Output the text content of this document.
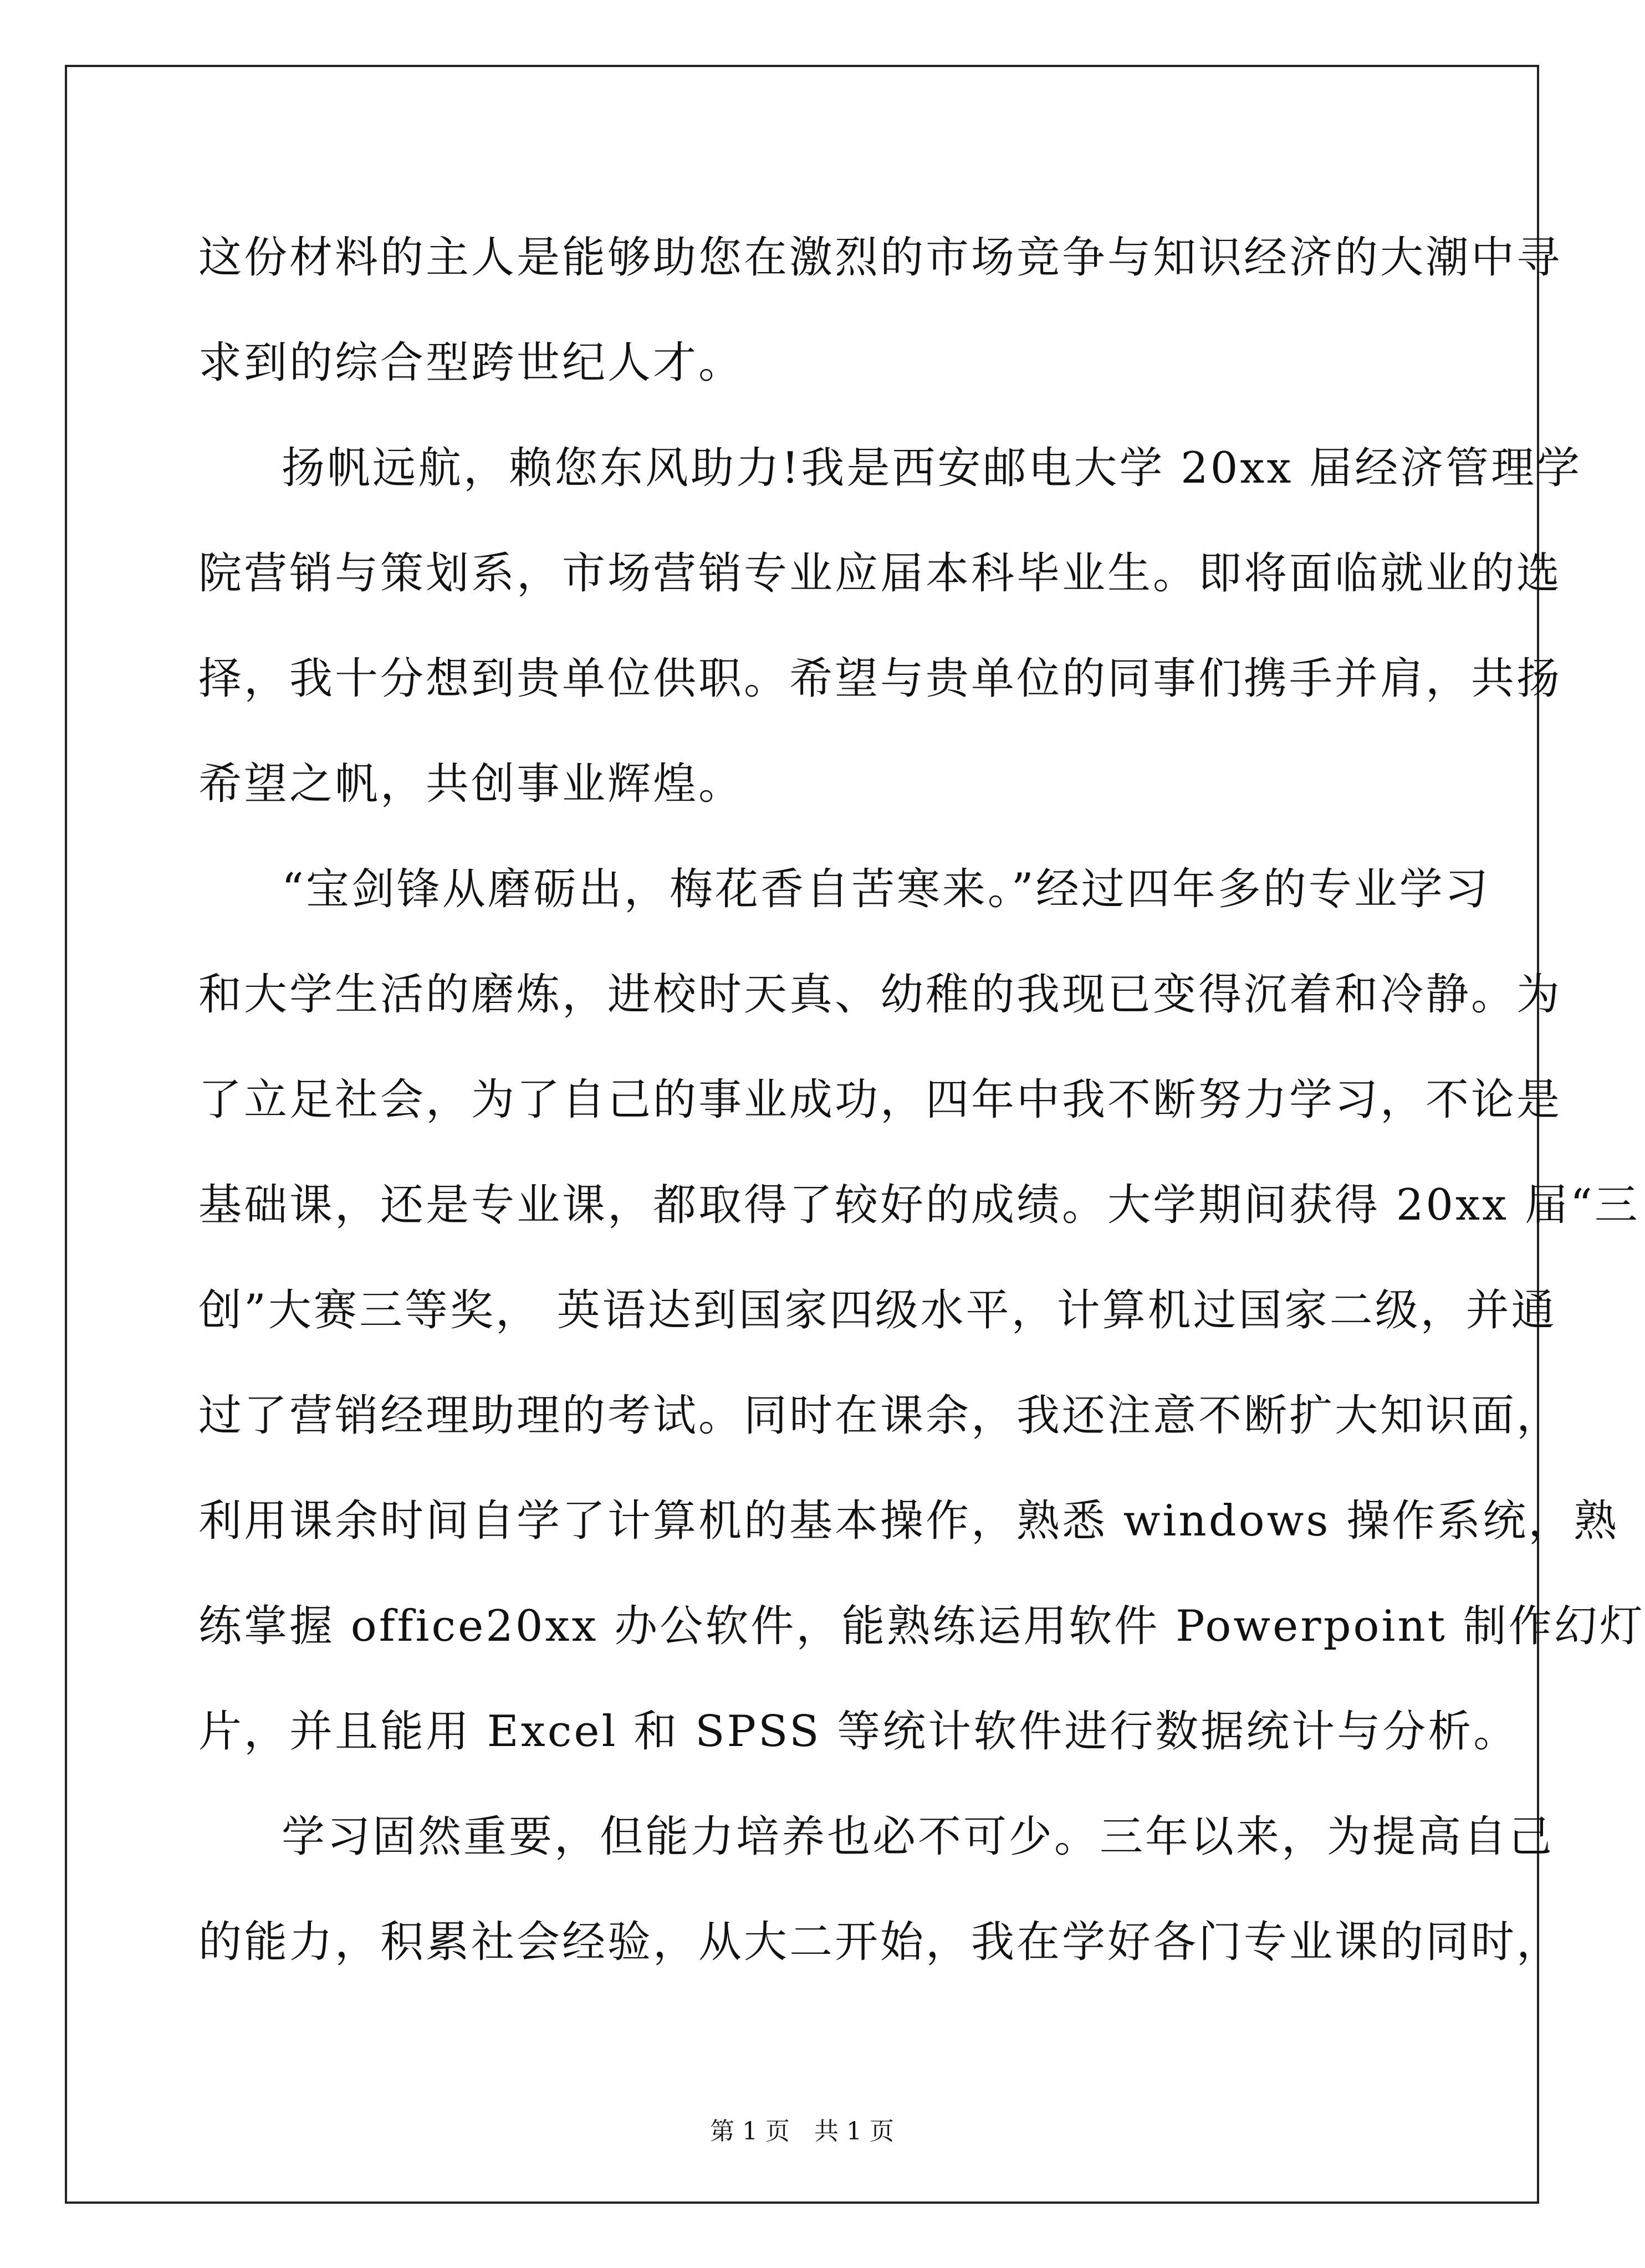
这份材料的主人是能够助您在激烈的市场竞争与知识经济的大潮中寻
求到的综合型跨世纪人才。
扬帆远航，赖您东风助力!我是西安邮电大学 20xx 届经济管理学
院营销与策划系，市场营销专业应届本科毕业生。即将面临就业的选
择，我十分想到贵单位供职。希望与贵单位的同事们携手并肩，共扬
希望之帆，共创事业辉煌。
“宝剑锋从磨砺出，梅花香自苦寒来。”经过四年多的专业学习
和大学生活的磨炼，进校时天真、幼稚的我现已变得沉着和冷静。为
了立足社会，为了自己的事业成功，四年中我不断努力学习，不论是
基础课，还是专业课，都取得了较好的成绩。大学期间获得 20xx 届“三
创”大赛三等奖， 英语达到国家四级水平，计算机过国家二级，并通
过了营销经理助理的考试。同时在课余，我还注意不断扩大知识面，
利用课余时间自学了计算机的基本操作，熟悉 windows 操作系统，熟
练掌握 office20xx 办公软件，能熟练运用软件 Powerpoint 制作幻灯
片，并且能用 Excel 和 SPSS 等统计软件进行数据统计与分析。
学习固然重要，但能力培养也必不可少。三年以来，为提高自己
的能力，积累社会经验，从大二开始，我在学好各门专业课的同时，
第 1 页　共 1 页
